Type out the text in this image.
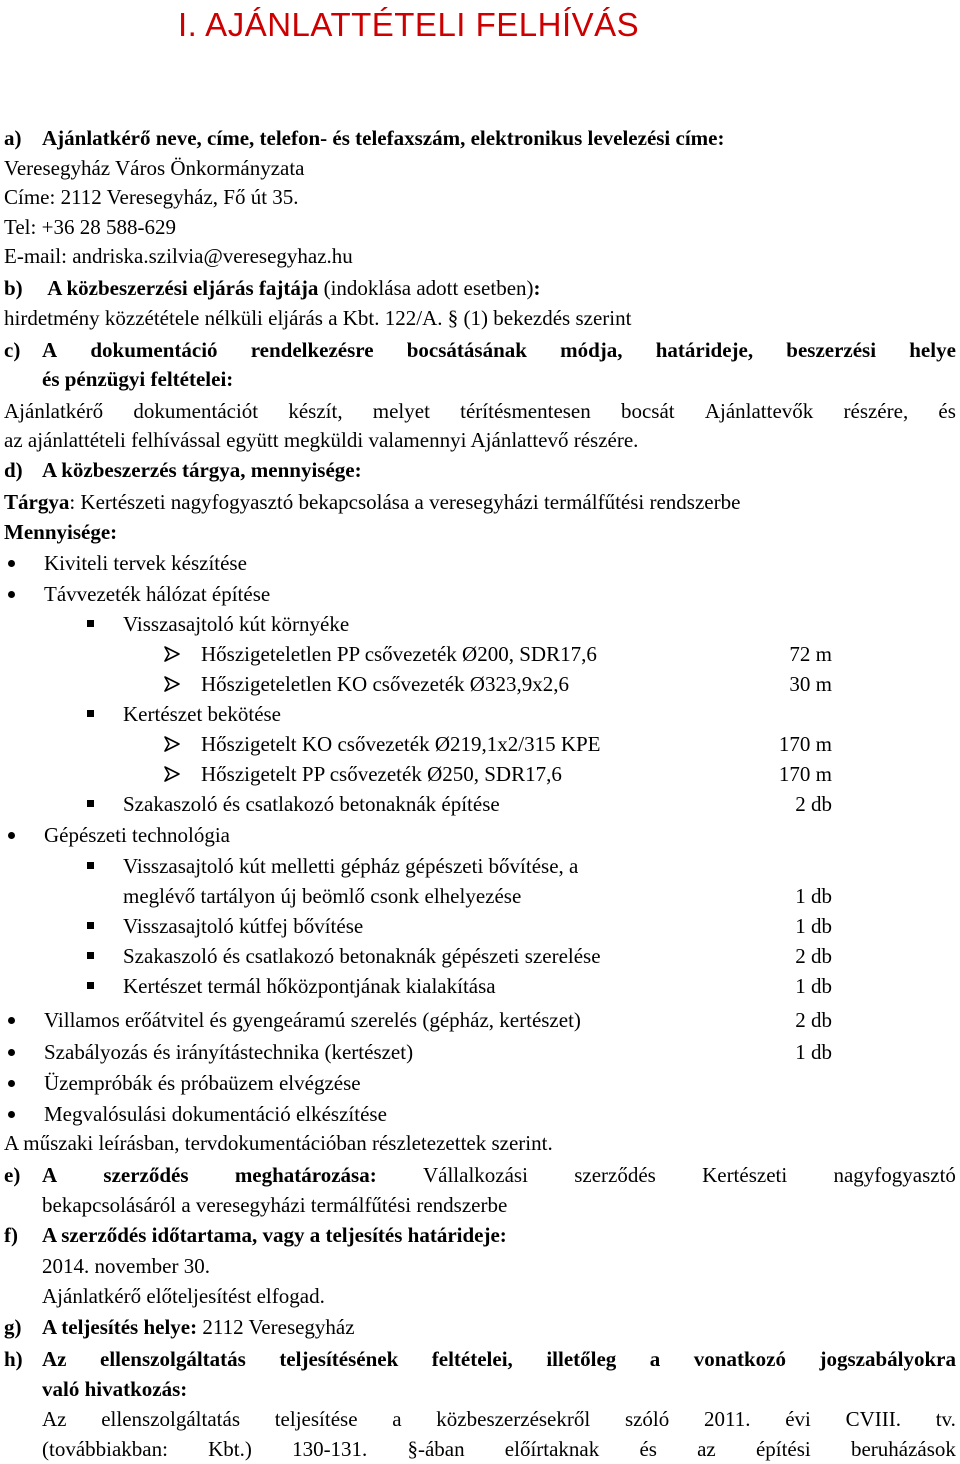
I. AJÁNLATTÉTELI FELHÍVÁS
a) Ajánlatkérő neve, címe, telefon- és telefaxszám, elektronikus levelezési címe:
Veresegyház Város Önkormányzata
Címe: 2112 Veresegyház, Fő út 35.
Tel: +36 28 588-629
E-mail: andriska.szilvia@veresegyhaz.hu
b) A közbeszerzési eljárás fajtája (indoklása adott esetben):
hirdetmény közzététele nélküli eljárás a Kbt. 122/A. § (1) bekezdés szerint
c) A dokumentáció rendelkezésre bocsátásának módja, határideje, beszerzési helye
és pénzügyi feltételei:
Ajánlatkérő dokumentációt készít, melyet térítésmentesen bocsát Ajánlattevők részére, és
az ajánlattételi felhívással együtt megküldi valamennyi Ajánlattevő részére.
d) A közbeszerzés tárgya, mennyisége:
Tárgya: Kertészeti nagyfogyasztó bekapcsolása a veresegyházi termálfűtési rendszerbe
Mennyisége:
Kiviteli tervek készítése
Távvezeték hálózat építése
Visszasajtoló kút környéke
Hőszigeteletlen PP csővezeték Ø200, SDR17,6	72 m
Hőszigeteletlen KO csővezeték Ø323,9x2,6	30 m
Kertészet bekötése
Hőszigetelt KO csővezeték Ø219,1x2/315 KPE	170 m
Hőszigetelt PP csővezeték Ø250, SDR17,6	170 m
Szakaszoló és csatlakozó betonaknák építése	2 db
Gépészeti technológia
Visszasajtoló kút melletti gépház gépészeti bővítése, a
meglévő tartályon új beömlő csonk elhelyezése	1 db
Visszasajtoló kútfej bővítése	1 db
Szakaszoló és csatlakozó betonaknák gépészeti szerelése	2 db
Kertészet termál hőközpontjának kialakítása	1 db
Villamos erőátvitel és gyengeáramú szerelés (gépház, kertészet)	2 db
Szabályozás és irányítástechnika (kertészet)	1 db
Üzempróbák és próbaüzem elvégzése
Megvalósulási dokumentáció elkészítése
A műszaki leírásban, tervdokumentációban részletezettek szerint.
e) A szerződés meghatározása: Vállalkozási szerződés Kertészeti nagyfogyasztó
bekapcsolásáról a veresegyházi termálfűtési rendszerbe
f) A szerződés időtartama, vagy a teljesítés határideje:
2014. november 30.
Ajánlatkérő előteljesítést elfogad.
g) A teljesítés helye: 2112 Veresegyház
h) Az ellenszolgáltatás teljesítésének feltételei, illetőleg a vonatkozó jogszabályokra
való hivatkozás:
Az ellenszolgáltatás teljesítése a közbeszerzésekről szóló 2011. évi CVIII. tv.
(továbbiakban: Kbt.) 130-131. §-ában előírtaknak és az építési beruházások
